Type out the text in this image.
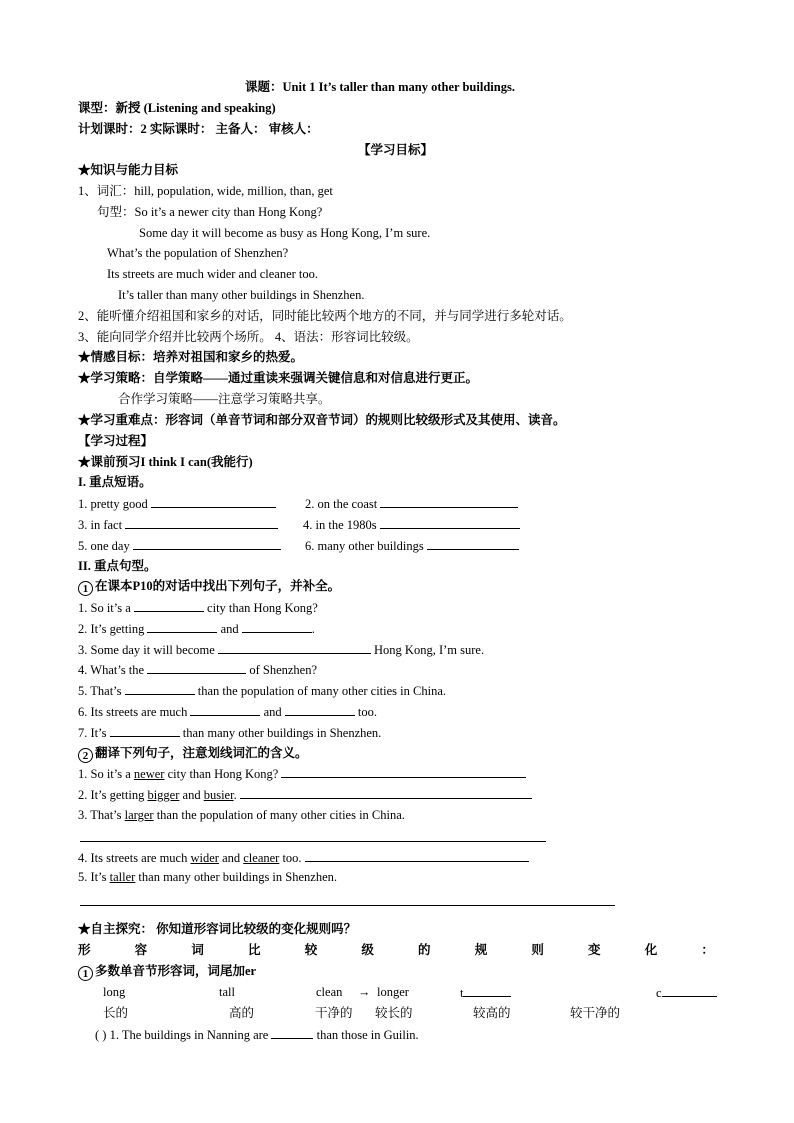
课题：Unit 1 It’s taller than many other buildings.
课型：新授 (Listening and speaking)
计划课时：2 实际课时： 主备人： 审核人：
【学习目标】
★知识与能力目标
1、词汇：hill, population, wide, million, than, get
句型：So it’s a newer city than Hong Kong?
Some day it will become as busy as Hong Kong, I’m sure.
What’s the population of Shenzhen?
Its streets are much wider and cleaner too.
It’s taller than many other buildings in Shenzhen.
2、能听懂介绍祖国和家乡的对话，同时能比较两个地方的不同，并与同学进行多轮对话。
3、能向同学介绍并比较两个场所。 4、语法：形容词比较级。
★情感目标：培养对祖国和家乡的热爱。
★学习策略：自学策略——通过重读来强调关键信息和对信息进行更正。
合作学习策略——注意学习策略共享。
★学习重难点：形容词（单音节词和部分双音节词）的规则比较级形式及其使用、读音。
【学习过程】
★课前预习I think I can(我能行)
I. 重点短语。
1. pretty good	2. on the coast
3. in fact	4. in the 1980s
5. one day	6. many other buildings
II. 重点句型。
1 在课本P10的对话中找出下列句子，并补全。
1. So it’s a	city than Hong Kong?
2. It’s getting	and	.
3. Some day it will become	Hong Kong, I’m sure.
4. What’s the	of Shenzhen?
5. That’s	than the population of many other cities in China.
6. Its streets are much	and	too.
7. It’s	than many other buildings in Shenzhen.
2 翻译下列句子，注意划线词汇的含义。
1. So it’s a newer city than Hong Kong?
2. It’s getting bigger and busier.
3. That’s larger than the population of many other cities in China.
4. Its streets are much wider and cleaner too.
5. It’s taller than many other buildings in Shenzhen.
★自主探究： 你知道形容词比较级的变化规则吗？
形	容	词	比	较	级	的	规	则	变	化	：
1 多数单音节形容词，词尾加er
long	tall	clean → longer	t	c
长的	高的	干净的 较长的	较高的	较干净的
( ) 1. The buildings in Nanning are	than those in Guilin.
